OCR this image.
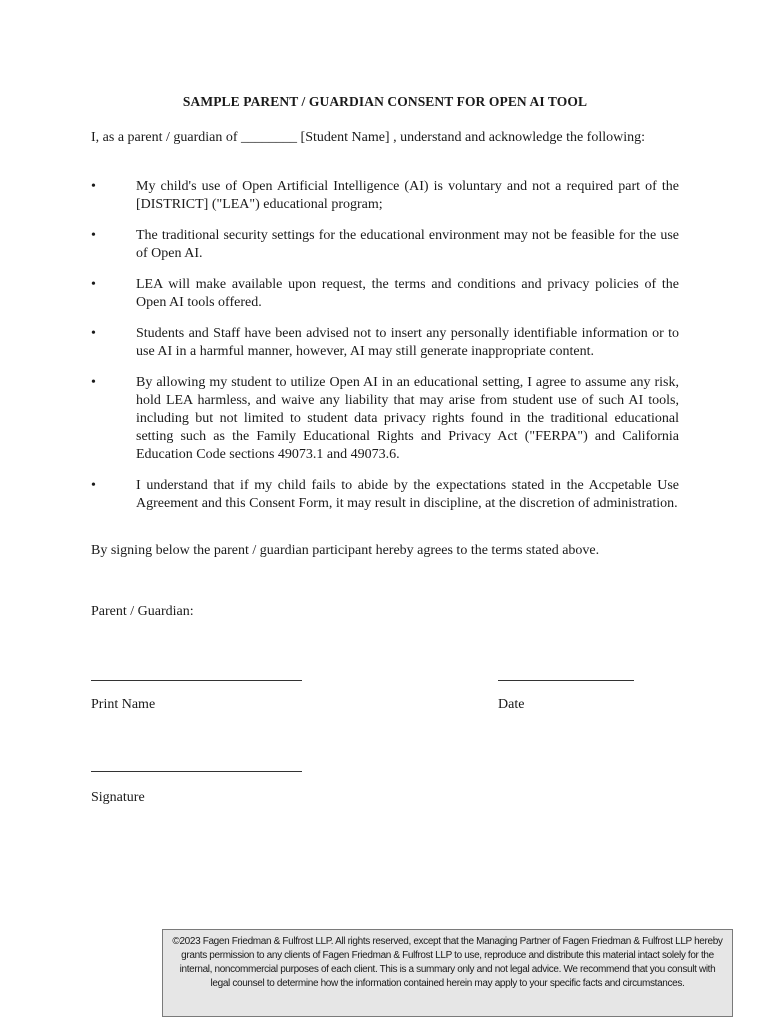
SAMPLE PARENT / GUARDIAN CONSENT FOR OPEN AI TOOL
I, as a parent / guardian of ________ [Student Name] , understand and acknowledge the following:
•	My child's use of Open Artificial Intelligence (AI) is voluntary and not a required part of the [DISTRICT] ("LEA") educational program;
•	The traditional security settings for the educational environment may not be feasible for the use of Open AI.
•	LEA will make available upon request, the terms and conditions and privacy policies of the Open AI tools offered.
•	Students and Staff have been advised not to insert any personally identifiable information or to use AI in a harmful manner, however, AI may still generate inappropriate content.
•	By allowing my student to utilize Open AI in an educational setting, I agree to assume any risk, hold LEA harmless, and waive any liability that may arise from student use of such AI tools, including but not limited to student data privacy rights found in the traditional educational setting such as the Family Educational Rights and Privacy Act ("FERPA") and California Education Code sections 49073.1 and 49073.6.
•	I understand that if my child fails to abide by the expectations stated in the Accpetable Use Agreement and this Consent Form, it may result in discipline, at the discretion of administration.
By signing below the parent / guardian participant hereby agrees to the terms stated above.
Parent / Guardian:
Print Name	Date
Signature
©2023 Fagen Friedman & Fulfrost LLP. All rights reserved, except that the Managing Partner of Fagen Friedman & Fulfrost LLP hereby grants permission to any clients of Fagen Friedman & Fulfrost LLP to use, reproduce and distribute this material intact solely for the internal, noncommercial purposes of each client. This is a summary only and not legal advice. We recommend that you consult with legal counsel to determine how the information contained herein may apply to your specific facts and circumstances.
